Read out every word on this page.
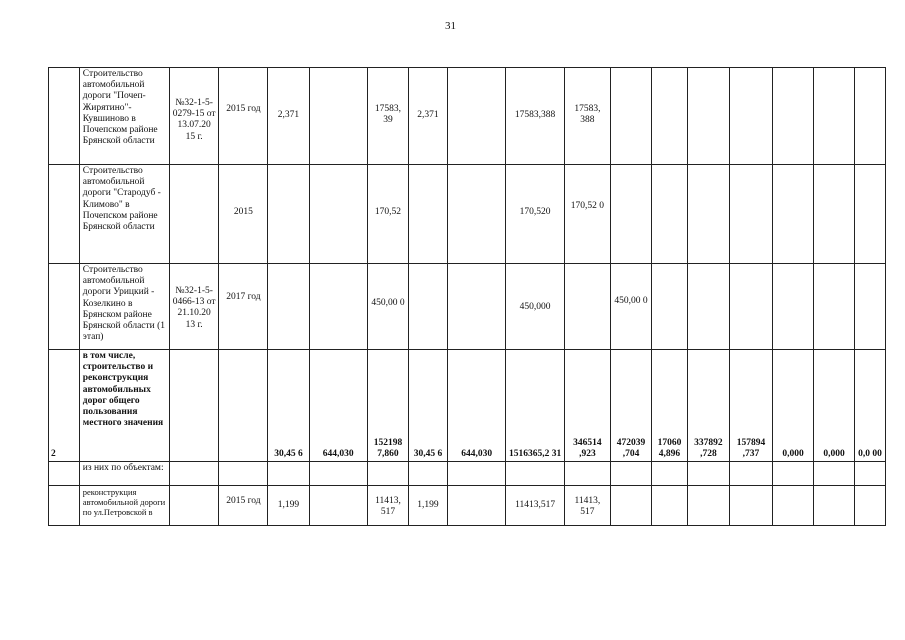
31
	Строительство автомобильной дороги "Почеп-Жирятино"-Кувшиново в Почепском районе Брянской области	№32-1-5-0279-15 от 13.07.20 15 г.	2015 год	2,371		17583, 39	2,371		17583,388	17583, 388							
	Строительство автомобильной дороги "Стародуб - Климово" в Почепском районе Брянской области		2015			170,52			170,520	170,52 0							
	Строительство автомобильной дороги Урицкий - Козелкино в Брянском районе Брянской области (1 этап)	№32-1-5-0466-13 от 21.10.20 13 г.	2017 год			450,00 0			450,000		450,00 0						
2	в том числе, строительство и реконструкция автомобильных дорог общего пользования местного значения			30,45 6	644,030	152198 7,860	30,45 6	644,030	1516365,2 31	346514 ,923	472039 ,704	17060 4,896	337892 ,728	157894 ,737	0,000	0,000	0,0 00
	из них по объектам:																
	реконструкция автомобильной дороги по ул.Петровской в		2015 год	1,199		11413, 517	1,199		11413,517	11413, 517							
